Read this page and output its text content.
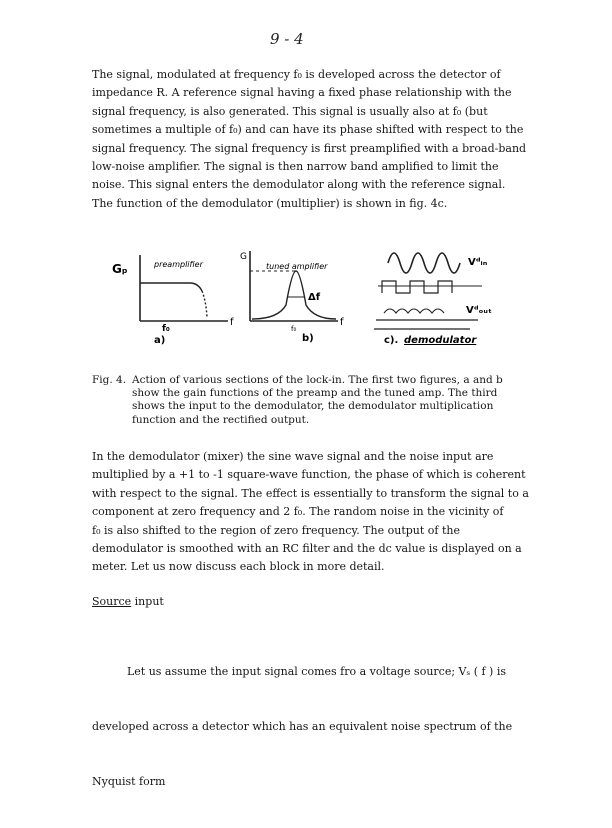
9 - 4
The signal, modulated at frequency f₀ is developed across the detector of
impedance R. A reference signal having a fixed phase relationship with the
signal frequency, is also generated. This signal is usually also at f₀ (but
sometimes a multiple of f₀) and can have its phase shifted with respect to the
signal frequency. The signal frequency is first preamplified with a broad-band
low-noise amplifier. The signal is then narrow band amplified to limit the
noise. This signal enters the demodulator along with the reference signal.
The function of the demodulator (multiplier) is shown in fig. 4c.
Gₚ	preamplifier
f₀
f
a)
G
tuned amplifier
Δf
f
f₀
b)
Vᵈᵢₙ
Vᵈₒᵤₜ
c). demodulator
Fig. 4. Action of various sections of the lock-in. The first two figures, a and b
show the gain functions of the preamp and the tuned amp. The third
shows the input to the demodulator, the demodulator multiplication
function and the rectified output.
In the demodulator (mixer) the sine wave signal and the noise input are
multiplied by a +1 to -1 square-wave function, the phase of which is coherent
with respect to the signal. The effect is essentially to transform the signal to a
component at zero frequency and 2 f₀. The random noise in the vicinity of
f₀ is also shifted to the region of zero frequency. The output of the
demodulator is smoothed with an RC filter and the dc value is displayed on a
meter. Let us now discuss each block in more detail.
Source input

Let us assume the input signal comes fro a voltage source; Vₛ ( f ) is

developed across a detector which has an equivalent noise spectrum of the

Nyquist form
